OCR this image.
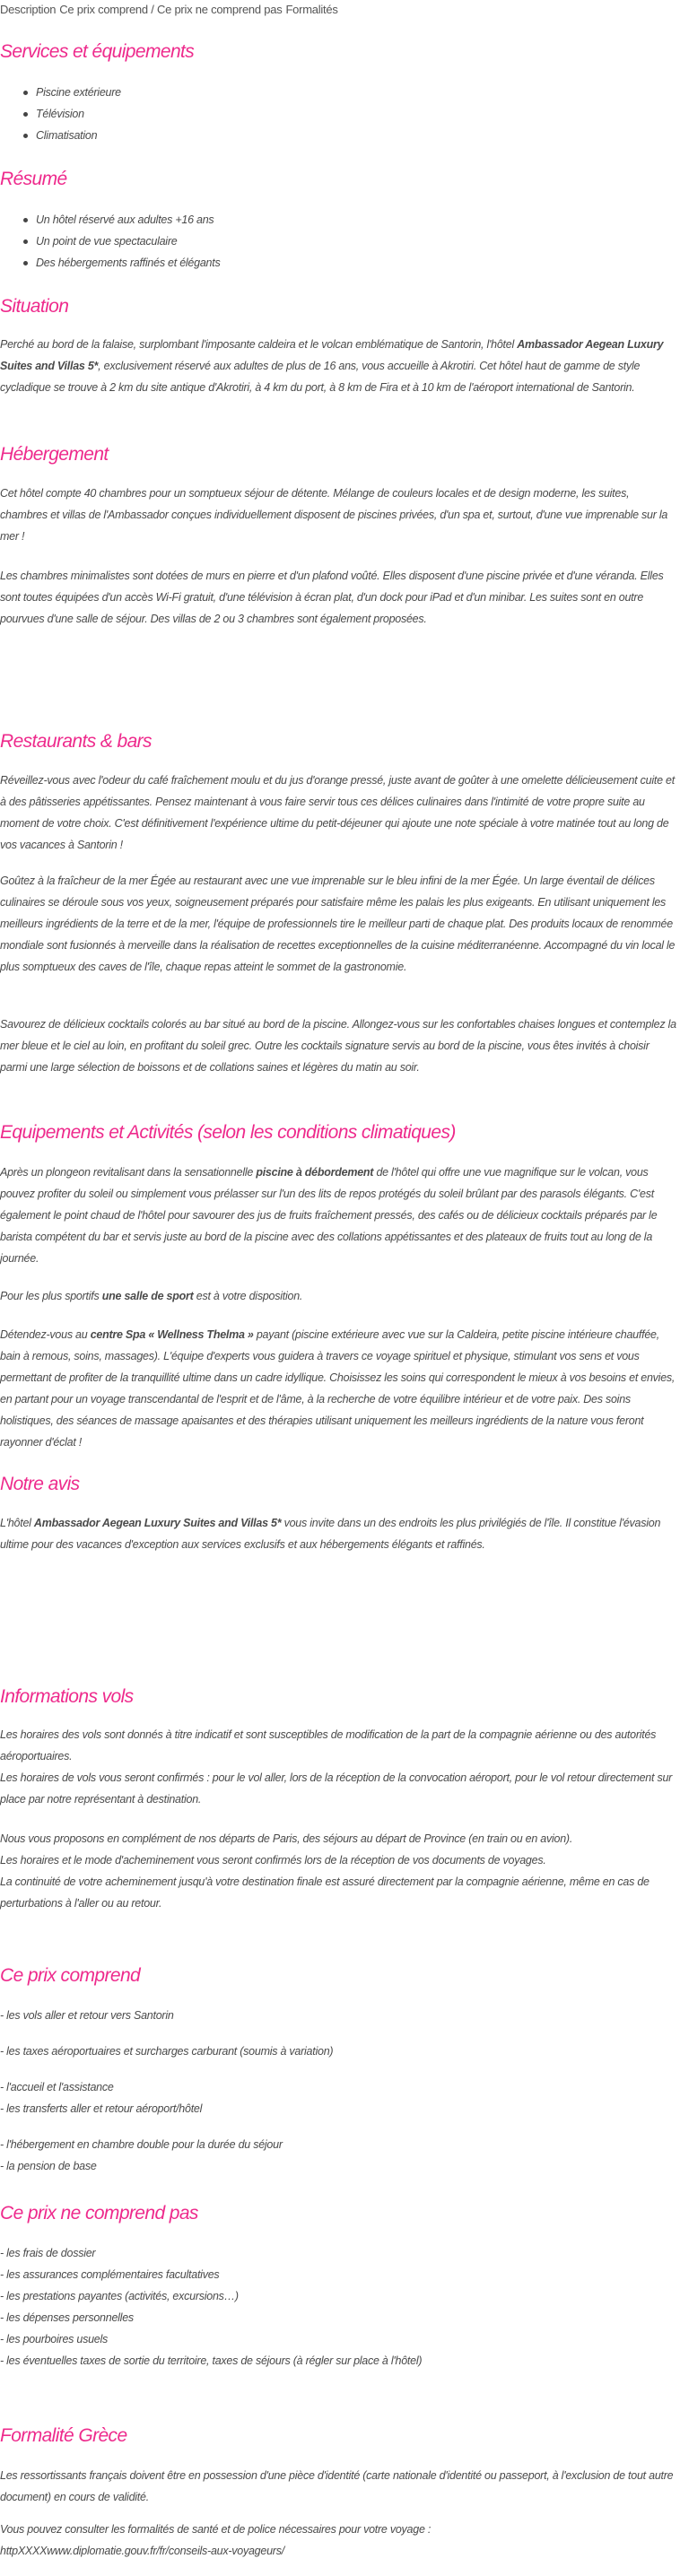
Description Ce prix comprend / Ce prix ne comprend pas Formalités
Services et équipements
Piscine extérieure
Télévision
Climatisation
Résumé
Un hôtel réservé aux adultes +16 ans
Un point de vue spectaculaire
Des hébergements raffinés et élégants
Situation

Perché au bord de la falaise, surplombant l'imposante caldeira et le volcan emblématique de Santorin, l'hôtel Ambassador Aegean Luxury Suites and Villas 5*, exclusivement réservé aux adultes de plus de 16 ans, vous accueille à Akrotiri. Cet hôtel haut de gamme de style cycladique se trouve à 2 km du site antique d'Akrotiri, à 4 km du port, à 8 km de Fira et à 10 km de l'aéroport international de Santorin.

Hébergement

Cet hôtel compte 40 chambres pour un somptueux séjour de détente. Mélange de couleurs locales et de design moderne, les suites, chambres et villas de l'Ambassador conçues individuellement disposent de piscines privées, d'un spa et, surtout, d'une vue imprenable sur la mer !

Les chambres minimalistes sont dotées de murs en pierre et d'un plafond voûté. Elles disposent d'une piscine privée et d'une véranda. Elles sont toutes équipées d'un accès Wi-Fi gratuit, d'une télévision à écran plat, d'un dock pour iPad et d'un minibar. Les suites sont en outre pourvues d'une salle de séjour. Des villas de 2 ou 3 chambres sont également proposées.

Restaurants & bars

Réveillez-vous avec l'odeur du café fraîchement moulu et du jus d'orange pressé, juste avant de goûter à une omelette délicieusement cuite et à des pâtisseries appétissantes. Pensez maintenant à vous faire servir tous ces délices culinaires dans l'intimité de votre propre suite au moment de votre choix. C'est définitivement l'expérience ultime du petit-déjeuner qui ajoute une note spéciale à votre matinée tout au long de vos vacances à Santorin !

Goûtez à la fraîcheur de la mer Égée au restaurant avec une vue imprenable sur le bleu infini de la mer Égée. Un large éventail de délices culinaires se déroule sous vos yeux, soigneusement préparés pour satisfaire même les palais les plus exigeants. En utilisant uniquement les meilleurs ingrédients de la terre et de la mer, l'équipe de professionnels tire le meilleur parti de chaque plat. Des produits locaux de renommée mondiale sont fusionnés à merveille dans la réalisation de recettes exceptionnelles de la cuisine méditerranéenne. Accompagné du vin local le plus somptueux des caves de l'île, chaque repas atteint le sommet de la gastronomie.

Savourez de délicieux cocktails colorés au bar situé au bord de la piscine. Allongez-vous sur les confortables chaises longues et contemplez la mer bleue et le ciel au loin, en profitant du soleil grec. Outre les cocktails signature servis au bord de la piscine, vous êtes invités à choisir parmi une large sélection de boissons et de collations saines et légères du matin au soir.

Equipements et Activités (selon les conditions climatiques)

Après un plongeon revitalisant dans la sensationnelle piscine à débordement de l'hôtel qui offre une vue magnifique sur le volcan, vous pouvez profiter du soleil ou simplement vous prélasser sur l'un des lits de repos protégés du soleil brûlant par des parasols élégants. C'est également le point chaud de l'hôtel pour savourer des jus de fruits fraîchement pressés, des cafés ou de délicieux cocktails préparés par le barista compétent du bar et servis juste au bord de la piscine avec des collations appétissantes et des plateaux de fruits tout au long de la journée.

Pour les plus sportifs une salle de sport est à votre disposition.

Détendez-vous au centre Spa « Wellness Thelma » payant (piscine extérieure avec vue sur la Caldeira, petite piscine intérieure chauffée, bain à remous, soins, massages). L'équipe d'experts vous guidera à travers ce voyage spirituel et physique, stimulant vos sens et vous permettant de profiter de la tranquillité ultime dans un cadre idyllique. Choisissez les soins qui correspondent le mieux à vos besoins et envies, en partant pour un voyage transcendantal de l'esprit et de l'âme, à la recherche de votre équilibre intérieur et de votre paix. Des soins holistiques, des séances de massage apaisantes et des thérapies utilisant uniquement les meilleurs ingrédients de la nature vous feront rayonner d'éclat !

Notre avis

L'hôtel Ambassador Aegean Luxury Suites and Villas 5* vous invite dans un des endroits les plus privilégiés de l'île. Il constitue l'évasion ultime pour des vacances d'exception aux services exclusifs et aux hébergements élégants et raffinés.

Informations vols

Les horaires des vols sont donnés à titre indicatif et sont susceptibles de modification de la part de la compagnie aérienne ou des autorités aéroportuaires.
Les horaires de vols vous seront confirmés : pour le vol aller, lors de la réception de la convocation aéroport, pour le vol retour directement sur place par notre représentant à destination.

Nous vous proposons en complément de nos départs de Paris, des séjours au départ de Province (en train ou en avion).
Les horaires et le mode d'acheminement vous seront confirmés lors de la réception de vos documents de voyages.
La continuité de votre acheminement jusqu'à votre destination finale est assuré directement par la compagnie aérienne, même en cas de perturbations à l'aller ou au retour.

Ce prix comprend

- les vols aller et retour vers Santorin

- les taxes aéroportuaires et surcharges carburant (soumis à variation)

- l'accueil et l'assistance

- les transferts aller et retour aéroport/hôtel

- l'hébergement en chambre double pour la durée du séjour

- la pension de base

Ce prix ne comprend pas

- les frais de dossier

- les assurances complémentaires facultatives

- les prestations payantes (activités, excursions…)

- les dépenses personnelles

- les pourboires usuels

- les éventuelles taxes de sortie du territoire, taxes de séjours (à régler sur place à l'hôtel)

Formalité Grèce

Les ressortissants français doivent être en possession d'une pièce d'identité (carte nationale d'identité ou passeport, à l'exclusion de tout autre document) en cours de validité.

Vous pouvez consulter les formalités de santé et de police nécessaires pour votre voyage :
httpXXXXwww.diplomatie.gouv.fr/fr/conseils-aux-voyageurs/
